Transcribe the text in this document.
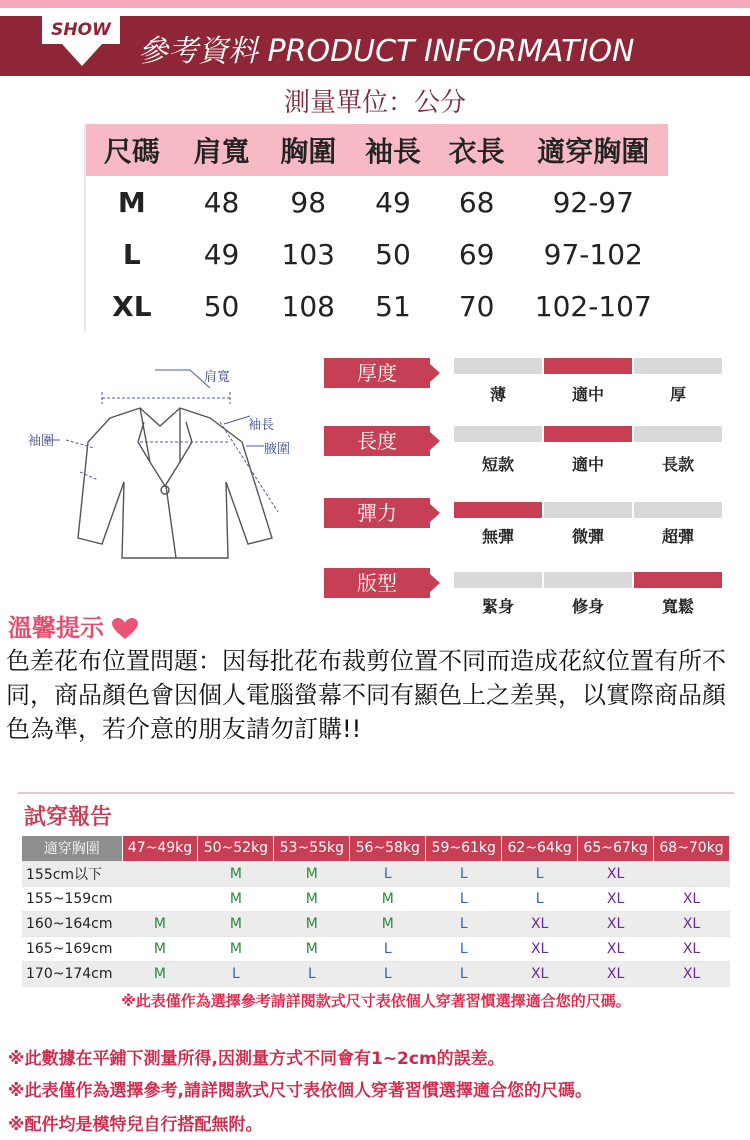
SHOW
參考資料 PRODUCT INFORMATION
測量單位：公分
尺碼	肩寬	胸圍	袖長 衣長	適穿胸圍
M	48	98	49	68	92-97
L	49	103	50	69	97-102
XL	50	108	51	70	102-107
肩寬
袖長
袖圍
腋圍
厚度
薄	適中	厚
長度
短款	適中	長款
彈力
無彈	微彈	超彈
版型
緊身	修身	寬鬆
溫馨提示
色差花布位置問題：因每批花布裁剪位置不同而造成花紋位置有所不同，商品顏色會因個人電腦螢幕不同有顯色上之差異，以實際商品顏色為準，若介意的朋友請勿訂購!!
試穿報告
適穿胸圍	47~49kg	50~52kg	53~55kg	56~58kg	59~61kg	62~64kg	65~67kg	68~70kg
155cm以下		M	M	L	L	L	XL	
155~159cm		M	M	M	L	L	XL	XL
160~164cm	M	M	M	M	L	XL	XL	XL
165~169cm	M	M	M	L	L	XL	XL	XL
170~174cm	M	L	L	L	L	XL	XL	XL
※此表僅作為選擇參考請詳閱款式尺寸表依個人穿著習慣選擇適合您的尺碼。
※此數據在平鋪下測量所得,因測量方式不同會有1~2cm的誤差。
※此表僅作為選擇參考,請詳閱款式尺寸表依個人穿著習慣選擇適合您的尺碼。
※配件均是模特兒自行搭配無附。
